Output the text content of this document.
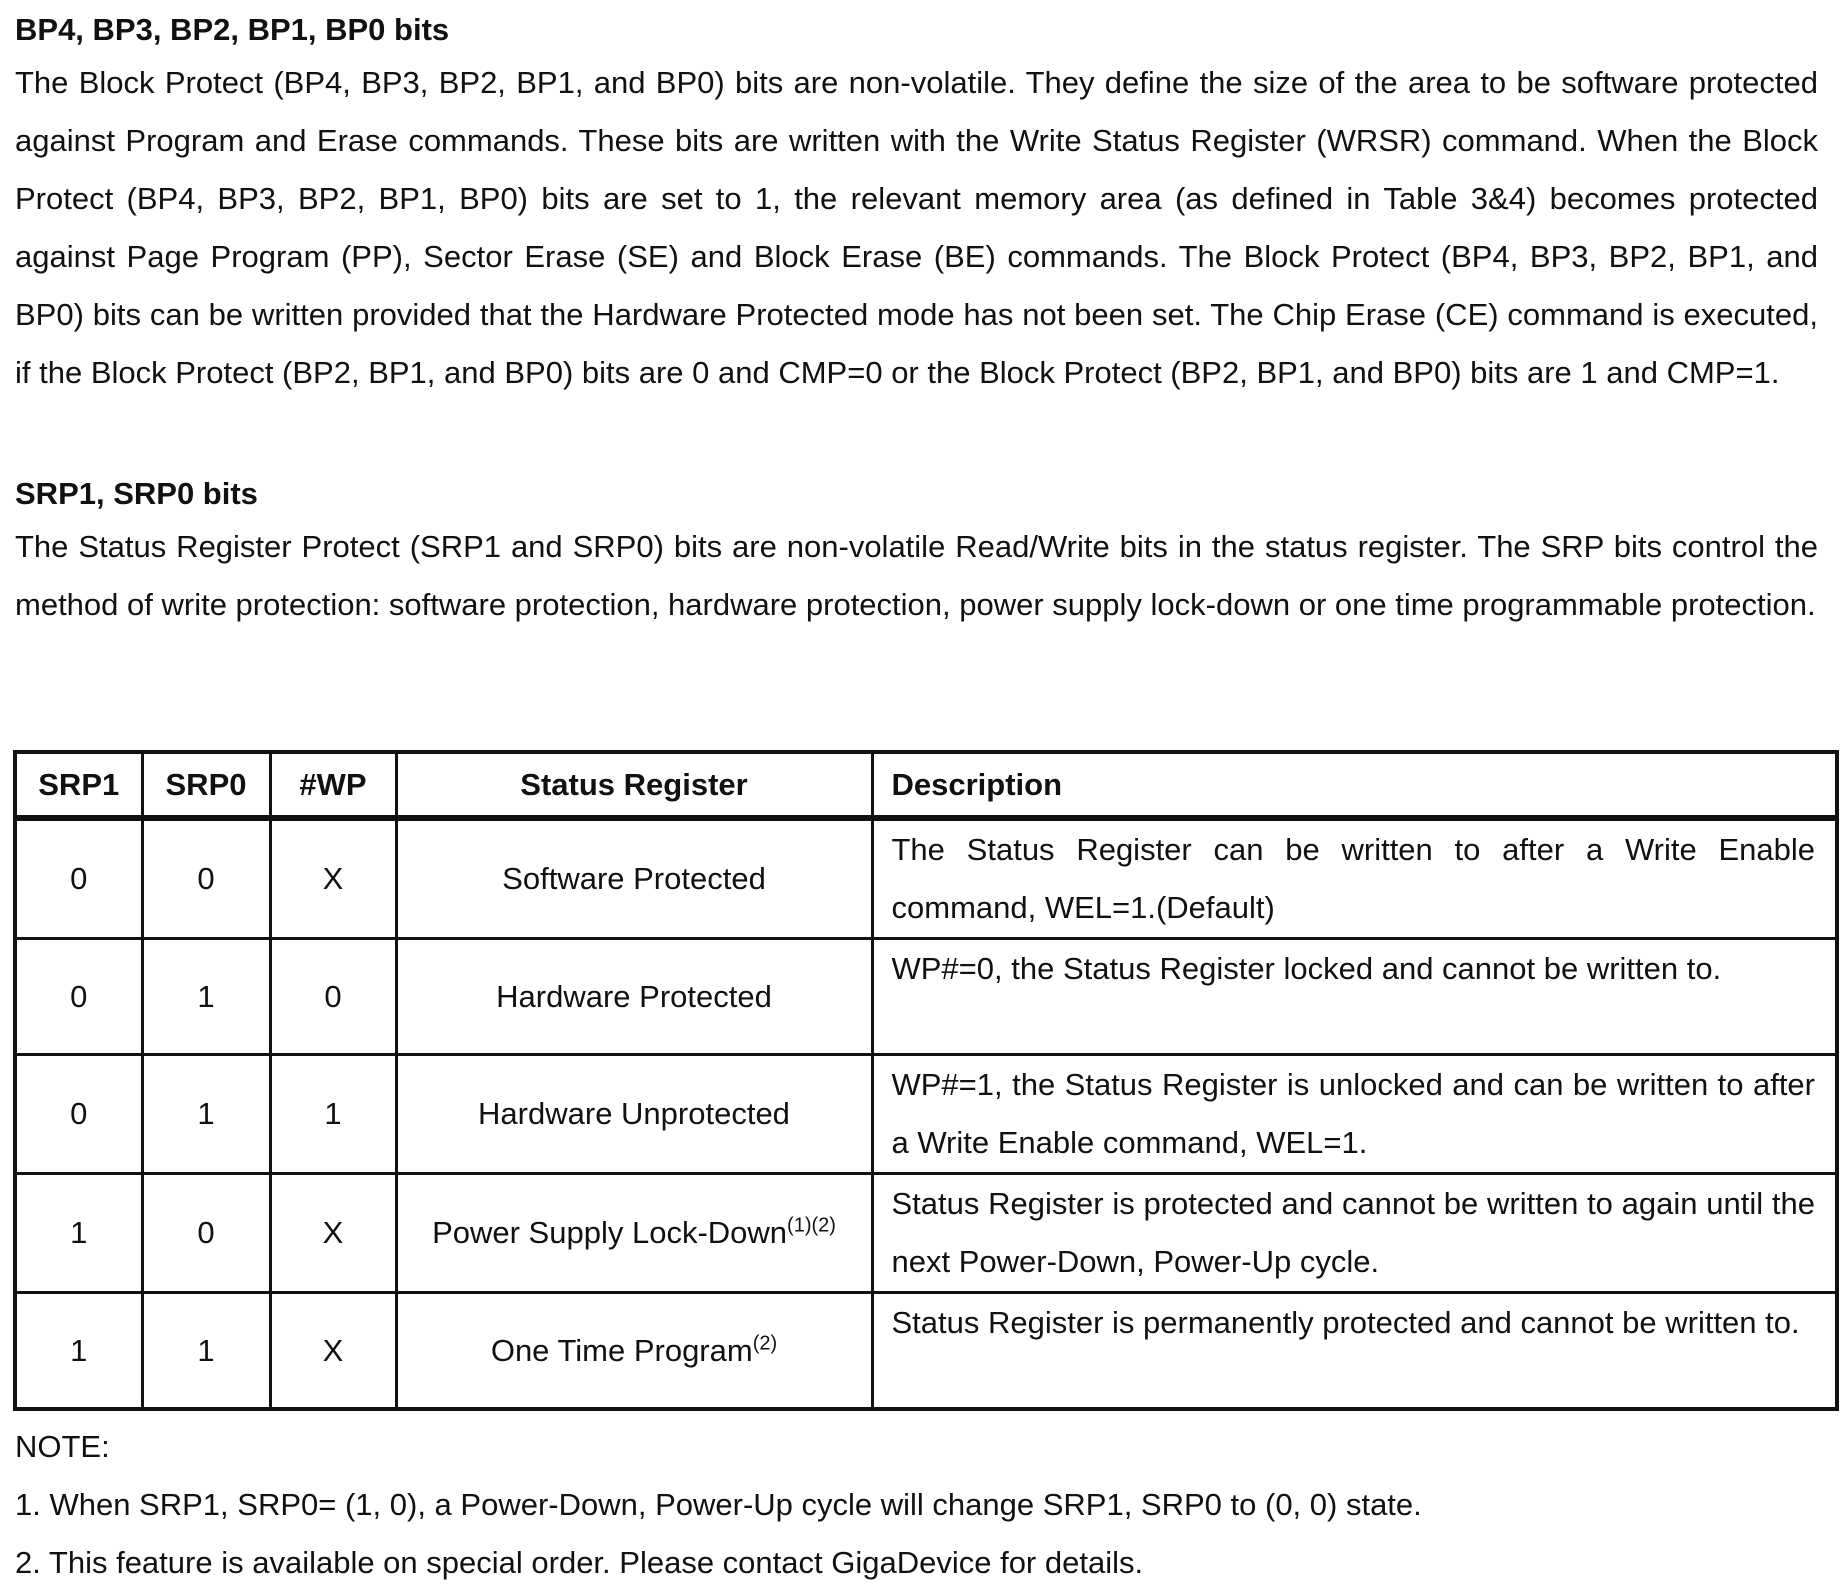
BP4, BP3, BP2, BP1, BP0 bits

The Block Protect (BP4, BP3, BP2, BP1, and BP0) bits are non-volatile. They define the size of the area to be software protected against Program and Erase commands. These bits are written with the Write Status Register (WRSR) command. When the Block Protect (BP4, BP3, BP2, BP1, BP0) bits are set to 1, the relevant memory area (as defined in Table 3&4) becomes protected against Page Program (PP), Sector Erase (SE) and Block Erase (BE) commands. The Block Protect (BP4, BP3, BP2, BP1, and BP0) bits can be written provided that the Hardware Protected mode has not been set. The Chip Erase (CE) command is executed, if the Block Protect (BP2, BP1, and BP0) bits are 0 and CMP=0 or the Block Protect (BP2, BP1, and BP0) bits are 1 and CMP=1.

SRP1, SRP0 bits

The Status Register Protect (SRP1 and SRP0) bits are non-volatile Read/Write bits in the status register. The SRP bits control the method of write protection: software protection, hardware protection, power supply lock-down or one time programmable protection.

SRP1	SRP0	#WP	Status Register	Description
0	0	X	Software Protected	The Status Register can be written to after a Write Enable command, WEL=1.(Default)
0	1	0	Hardware Protected	WP#=0, the Status Register locked and cannot be written to.
0	1	1	Hardware Unprotected	WP#=1, the Status Register is unlocked and can be written to after a Write Enable command, WEL=1.
1	0	X	Power Supply Lock-Down$^{(1)(2)}$	Status Register is protected and cannot be written to again until the next Power-Down, Power-Up cycle.
1	1	X	One Time Program$^{(2)}$	Status Register is permanently protected and cannot be written to.
NOTE:
1. When SRP1, SRP0= (1, 0), a Power-Down, Power-Up cycle will change SRP1, SRP0 to (0, 0) state.
2. This feature is available on special order. Please contact GigaDevice for details.
